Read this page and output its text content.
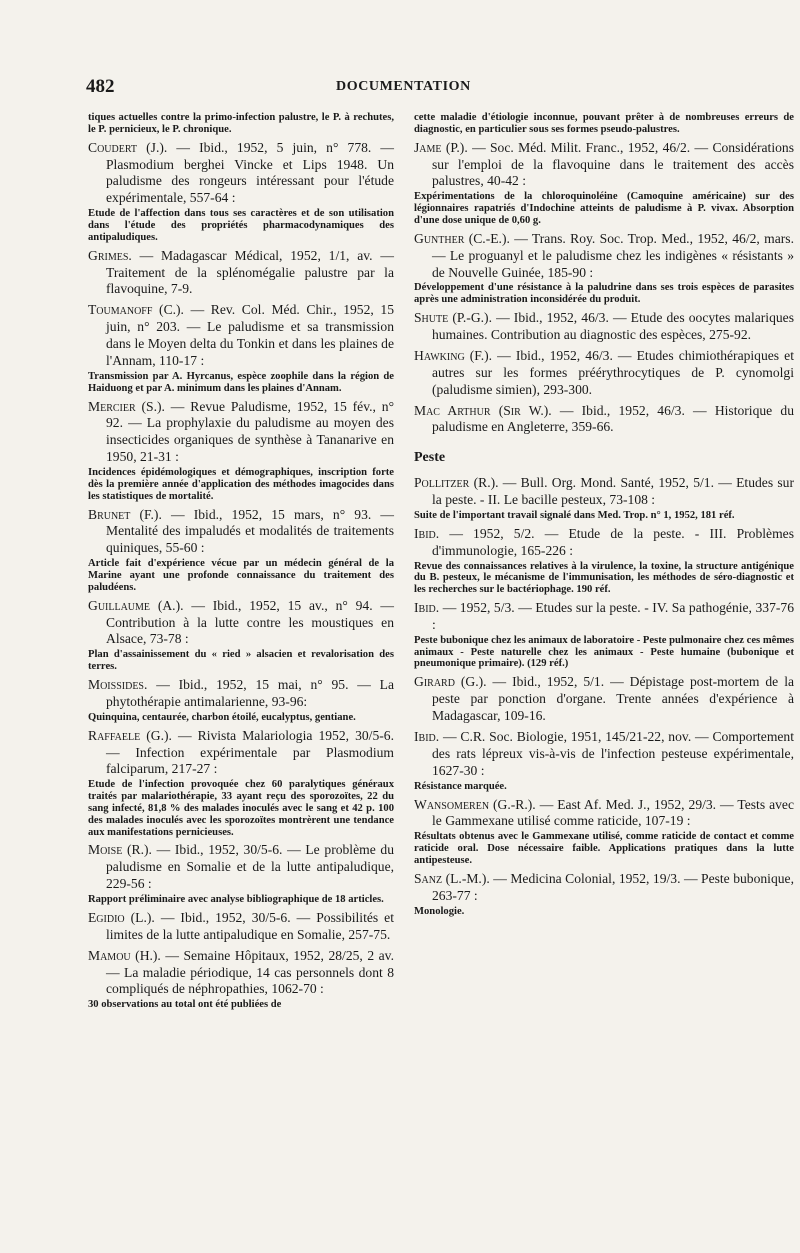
482	DOCUMENTATION
tiques actuelles contre la primo-infection palustre, le P. à rechutes, le P. pernicieux, le P. chronique.
Coudert (J.). — Ibid., 1952, 5 juin, n° 778. — Plasmodium berghei Vincke et Lips 1948. Un paludisme des rongeurs intéressant pour l'étude expérimentale, 557-64 :
Etude de l'affection dans tous ses caractères et de son utilisation dans l'étude des propriétés pharmacodynamiques des antipaludiques.
Grimes. — Madagascar Médical, 1952, 1/1, av. — Traitement de la splénomégalie palustre par la flavoquine, 7-9.
Toumanoff (C.). — Rev. Col. Méd. Chir., 1952, 15 juin, n° 203. — Le paludisme et sa transmission dans le Moyen delta du Tonkin et dans les plaines de l'Annam, 110-17 :
Transmission par A. Hyrcanus, espèce zoophile dans la région de Haiduong et par A. minimum dans les plaines d'Annam.
Mercier (S.). — Revue Paludisme, 1952, 15 fév., n° 92. — La prophylaxie du paludisme au moyen des insecticides organiques de synthèse à Tananarive en 1950, 21-31 :
Incidences épidémologiques et démographiques, inscription forte dès la première année d'application des méthodes imagocides dans les statistiques de mortalité.
Brunet (F.). — Ibid., 1952, 15 mars, n° 93. — Mentalité des impaludés et modalités de traitements quiniques, 55-60 :
Article fait d'expérience vécue par un médecin général de la Marine ayant une profonde connaissance du traitement des paludéens.
Guillaume (A.). — Ibid., 1952, 15 av., n° 94. — Contribution à la lutte contre les moustiques en Alsace, 73-78 :
Plan d'assainissement du « ried » alsacien et revalorisation des terres.
Moissides. — Ibid., 1952, 15 mai, n° 95. — La phytothérapie antimalarienne, 93-96:
Quinquina, centaurée, charbon étoilé, eucalyptus, gentiane.
Raffaele (G.). — Rivista Malariologia 1952, 30/5-6. — Infection expérimentale par Plasmodium falciparum, 217-27 :
Etude de l'infection provoquée chez 60 paralytiques généraux traités par malariothérapie, 33 ayant reçu des sporozoïtes, 22 du sang infecté, 81,8 % des malades inoculés avec le sang et 42 p. 100 des malades inoculés avec les sporozoïtes montrèrent une tendance aux manifestations pernicieuses.
Moise (R.). — Ibid., 1952, 30/5-6. — Le problème du paludisme en Somalie et de la lutte antipaludique, 229-56 :
Rapport préliminaire avec analyse bibliographique de 18 articles.
Egidio (L.). — Ibid., 1952, 30/5-6. — Possibilités et limites de la lutte antipaludique en Somalie, 257-75.
Mamou (H.). — Semaine Hôpitaux, 1952, 28/25, 2 av. — La maladie périodique, 14 cas personnels dont 8 compliqués de néphropathies, 1062-70 :
30 observations au total ont été publiées de
cette maladie d'étiologie inconnue, pouvant prêter à de nombreuses erreurs de diagnostic, en particulier sous ses formes pseudo-palustres.
Jame (P.). — Soc. Méd. Milit. Franc., 1952, 46/2. — Considérations sur l'emploi de la flavoquine dans le traitement des accès palustres, 40-42 :
Expérimentations de la chloroquinoléine (Camoquine américaine) sur des légionnaires rapatriés d'Indochine atteints de paludisme à P. vivax. Absorption d'une dose unique de 0,60 g.
Gunther (C.-E.). — Trans. Roy. Soc. Trop. Med., 1952, 46/2, mars. — Le proguanyl et le paludisme chez les indigènes « résistants » de Nouvelle Guinée, 185-90 :
Développement d'une résistance à la paludrine dans ses trois espèces de parasites après une administration inconsidérée du produit.
Shute (P.-G.). — Ibid., 1952, 46/3. — Etude des oocytes malariques humaines. Contribution au diagnostic des espèces, 275-92.
Hawking (F.). — Ibid., 1952, 46/3. — Etudes chimiothérapiques et autres sur les formes préérythrocytiques de P. cynomolgi (paludisme simien), 293-300.
Mac Arthur (Sir W.). — Ibid., 1952, 46/3. — Historique du paludisme en Angleterre, 359-66.
Peste
Pollitzer (R.). — Bull. Org. Mond. Santé, 1952, 5/1. — Etudes sur la peste. - II. Le bacille pesteux, 73-108 :
Suite de l'important travail signalé dans Med. Trop. n° 1, 1952, 181 réf.
Ibid. — 1952, 5/2. — Etude de la peste. - III. Problèmes d'immunologie, 165-226 :
Revue des connaissances relatives à la virulence, la toxine, la structure antigénique du B. pesteux, le mécanisme de l'immunisation, les méthodes de séro-diagnostic et les recherches sur le bactériophage. 190 réf.
Ibid. — 1952, 5/3. — Etudes sur la peste. - IV. Sa pathogénie, 337-76 :
Peste bubonique chez les animaux de laboratoire - Peste pulmonaire chez ces mêmes animaux - Peste naturelle chez les animaux - Peste humaine (bubonique et pneumonique primaire). (129 réf.)
Girard (G.). — Ibid., 1952, 5/1. — Dépistage post-mortem de la peste par ponction d'organe. Trente années d'expérience à Madagascar, 109-16.
Ibid. — C.R. Soc. Biologie, 1951, 145/21-22, nov. — Comportement des rats lépreux vis-à-vis de l'infection pesteuse expérimentale, 1627-30 :
Résistance marquée.
Wansomeren (G.-R.). — East Af. Med. J., 1952, 29/3. — Tests avec le Gammexane utilisé comme raticide, 107-19 :
Résultats obtenus avec le Gammexane utilisé, comme raticide de contact et comme raticide oral. Dose nécessaire faible. Applications pratiques dans la lutte antipesteuse.
Sanz (L.-M.). — Medicina Colonial, 1952, 19/3. — Peste bubonique, 263-77 :
Monologie.
